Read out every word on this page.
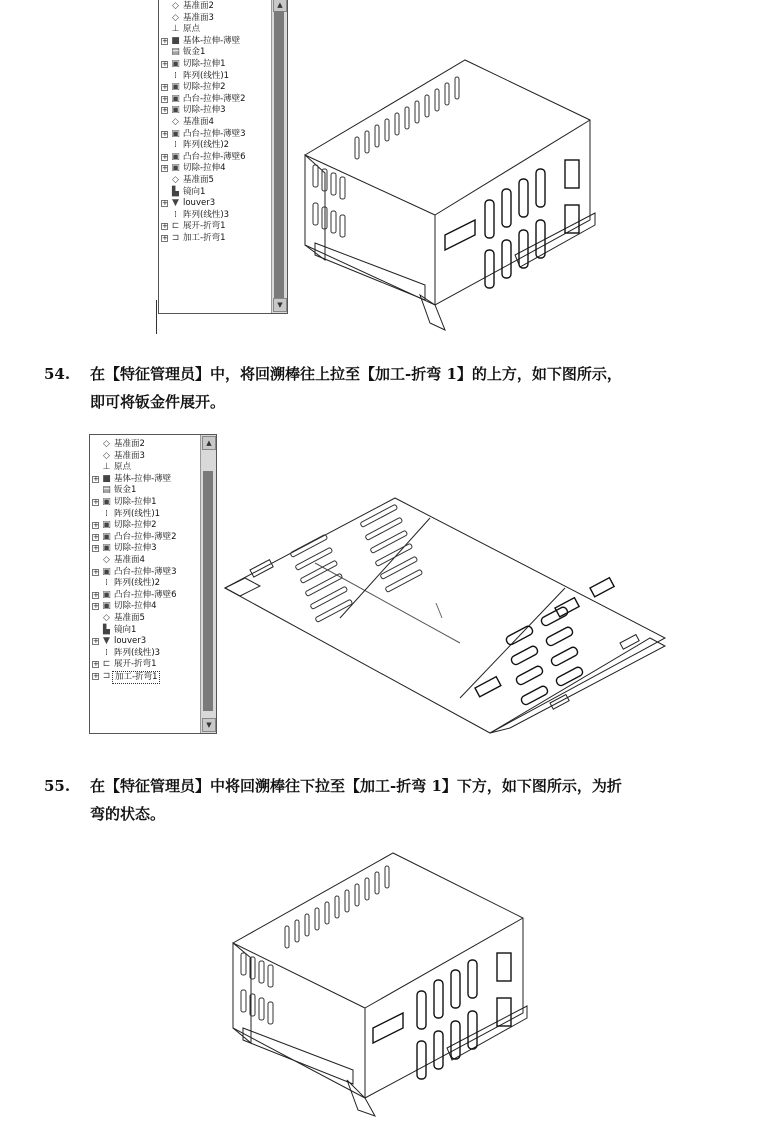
◇ 基准面2
◇ 基准面3
⊥ 原点
+ ■ 基体-拉伸-薄壁
▤ 钣金1
+ ▣ 切除-拉伸1
⁞ 阵列(线性)1
+ ▣ 切除-拉伸2
+ ▣ 凸台-拉伸-薄壁2
+ ▣ 切除-拉伸3
◇ 基准面4
+ ▣ 凸台-拉伸-薄壁3
⁞ 阵列(线性)2
+ ▣ 凸台-拉伸-薄壁6
+ ▣ 切除-拉伸4
◇ 基准面5
▙ 镜向1
+ ▼ louver3
⁞ 阵列(线性)3
+ ⊏ 展开-折弯1
+ ⊐ 加工-折弯1
▲
▼
54. 在【特征管理员】中，将回溯棒往上拉至【加工-折弯 1】的上方，如下图所示，
即可将钣金件展开。
◇ 基准面2
◇ 基准面3
⊥ 原点
+ ■ 基体-拉伸-薄壁
▤ 钣金1
+ ▣ 切除-拉伸1
⁞ 阵列(线性)1
+ ▣ 切除-拉伸2
+ ▣ 凸台-拉伸-薄壁2
+ ▣ 切除-拉伸3
◇ 基准面4
+ ▣ 凸台-拉伸-薄壁3
⁞ 阵列(线性)2
+ ▣ 凸台-拉伸-薄壁6
+ ▣ 切除-拉伸4
◇ 基准面5
▙ 镜向1
+ ▼ louver3
⁞ 阵列(线性)3
+ ⊏ 展开-折弯1
+ ⊐ 加工-折弯1
▲
▼
55. 在【特征管理员】中将回溯棒往下拉至【加工-折弯 1】下方，如下图所示，为折
弯的状态。
